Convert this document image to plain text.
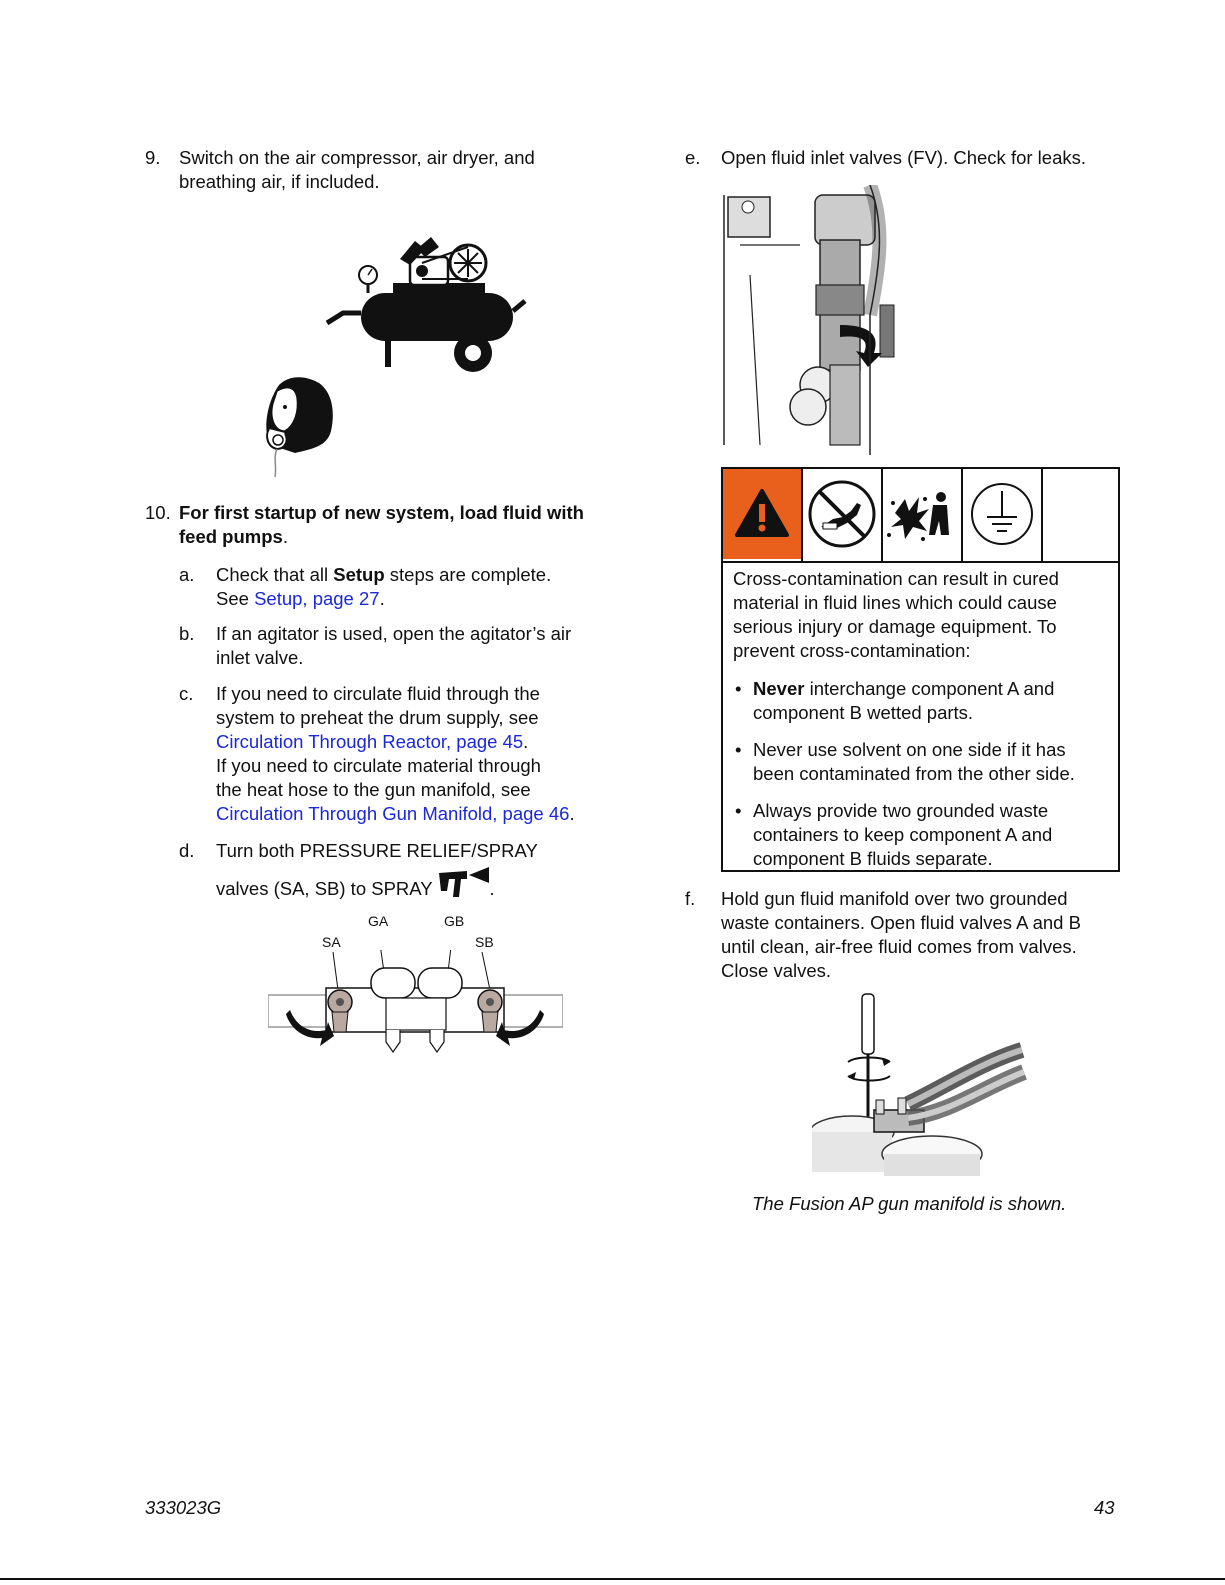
9. Switch on the air compressor, air dryer, and
breathing air, if included.
10. For first startup of new system, load fluid with
feed pumps.
a. Check that all Setup steps are complete.
See Setup, page 27.
b. If an agitator is used, open the agitator’s air
inlet valve.
c. If you need to circulate fluid through the
system to preheat the drum supply, see
Circulation Through Reactor, page 45.
If you need to circulate material through
the heat hose to the gun manifold, see
Circulation Through Gun Manifold, page 46.
d. Turn both PRESSURE RELIEF/SPRAY
valves (SA, SB) to SPRAY	.
GA	GB
SA	SB
e. Open fluid inlet valves (FV). Check for leaks.
Cross-contamination can result in cured
material in fluid lines which could cause
serious injury or damage equipment. To
prevent cross-contamination:
• Never interchange component A and
component B wetted parts.
• Never use solvent on one side if it has
been contaminated from the other side.
• Always provide two grounded waste
containers to keep component A and
component B fluids separate.
f. Hold gun fluid manifold over two grounded
waste containers. Open fluid valves A and B
until clean, air-free fluid comes from valves.
Close valves.
The Fusion AP gun manifold is shown.
333023G	43
